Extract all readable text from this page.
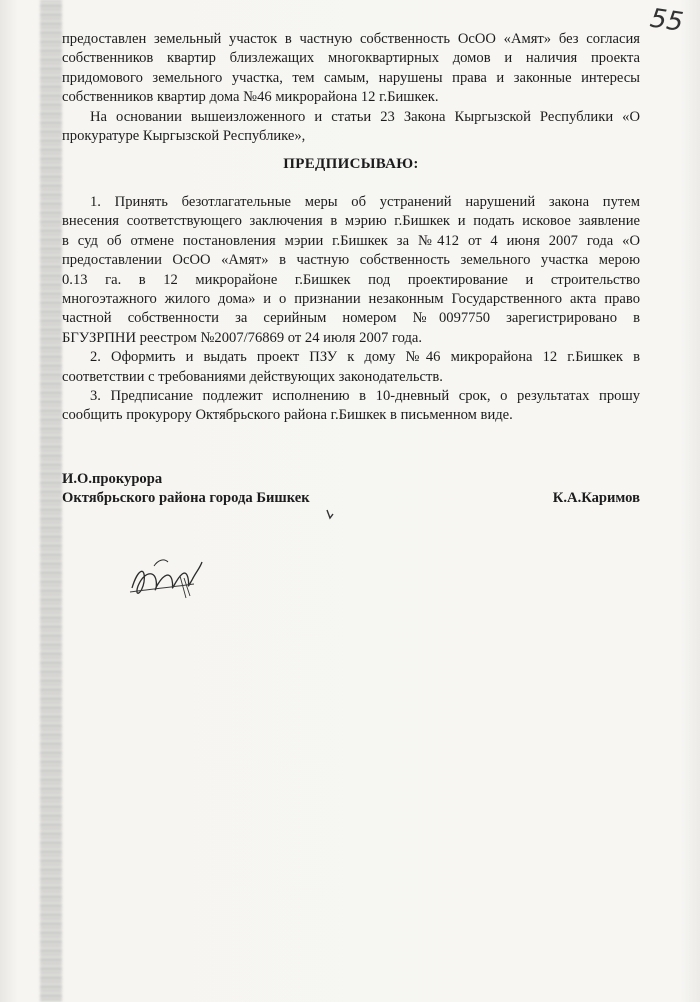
55
предоставлен земельный участок в частную собственность ОсОО «Амят» без согласия
собственников квартир близлежащих многоквартирных домов и наличия проекта
придомового земельного участка, тем самым, нарушены права и законные интересы
собственников квартир дома №46 микрорайона 12 г.Бишкек.
На основании вышеизложенного и статьи 23 Закона Кыргызской Республики «О
прокуратуре Кыргызской Республике»,
ПРЕДПИСЫВАЮ:
1. Принять безотлагательные меры об устранений нарушений закона путем
внесения соответствующего заключения в мэрию г.Бишкек и подать исковое заявление
в суд об отмене постановления мэрии г.Бишкек за №412 от 4 июня 2007 года «О
предоставлении ОсОО «Амят» в частную собственность земельного участка мерою
0.13 га. в 12 микрорайоне г.Бишкек под проектирование и строительство
многоэтажного жилого дома» и о признании незаконным Государственного акта право
частной собственности за серийным номером №0097750 зарегистрировано в
БГУЗРПНИ реестром №2007/76869 от 24 июля 2007 года.
2. Оформить и выдать проект ПЗУ к дому №46 микрорайона 12 г.Бишкек в
соответствии с требованиями действующих законодательств.
3. Предписание подлежит исполнению в 10-дневный срок, о результатах прошу
сообщить прокурору Октябрьского района г.Бишкек в письменном виде.
И.О.прокурора
Октябрьского района города Бишкек	К.А.Каримов
